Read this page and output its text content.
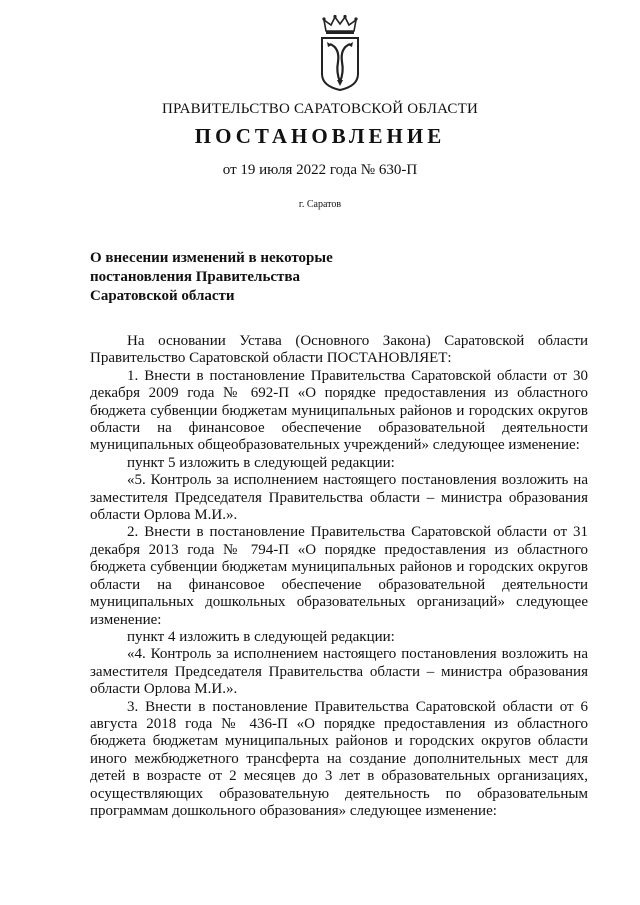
ПРАВИТЕЛЬСТВО САРАТОВСКОЙ ОБЛАСТИ
ПОСТАНОВЛЕНИЕ
от 19 июля 2022 года № 630-П
г. Саратов
О внесении изменений в некоторые
постановления Правительства
Саратовской области

На основании Устава (Основного Закона) Саратовской области Правительство Саратовской области ПОСТАНОВЛЯЕТ:

1. Внести в постановление Правительства Саратовской области от 30 декабря 2009 года № 692-П «О порядке предоставления из областного бюджета субвенции бюджетам муниципальных районов и городских округов области на финансовое обеспечение образовательной деятельности муниципальных общеобразовательных учреждений» следующее изменение:

пункт 5 изложить в следующей редакции:

«5. Контроль за исполнением настоящего постановления возложить на заместителя Председателя Правительства области – министра образования области Орлова М.И.».

2. Внести в постановление Правительства Саратовской области от 31 декабря 2013 года № 794-П «О порядке предоставления из областного бюджета субвенции бюджетам муниципальных районов и городских округов области на финансовое обеспечение образовательной деятельности муниципальных дошкольных образовательных организаций» следующее изменение:

пункт 4 изложить в следующей редакции:

«4. Контроль за исполнением настоящего постановления возложить на заместителя Председателя Правительства области – министра образования области Орлова М.И.».

3. Внести в постановление Правительства Саратовской области от 6 августа 2018 года № 436-П «О порядке предоставления из областного бюджета бюджетам муниципальных районов и городских округов области иного межбюджетного трансферта на создание дополнительных мест для детей в возрасте от 2 месяцев до 3 лет в образовательных организациях, осуществляющих образовательную деятельность по образовательным программам дошкольного образования» следующее изменение:
